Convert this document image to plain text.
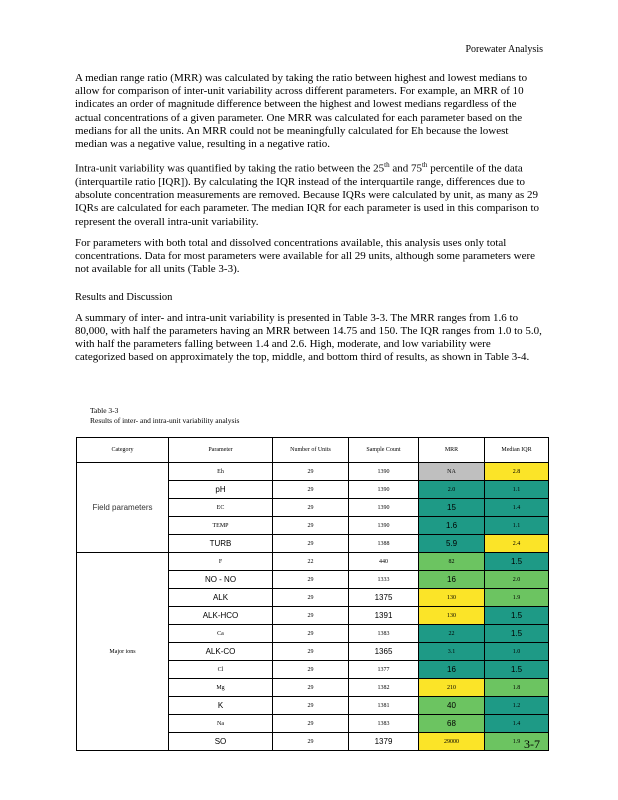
Porewater Analysis

A median range ratio (MRR) was calculated by taking the ratio between highest and lowest medians to allow for comparison of inter-unit variability across different parameters. For example, an MRR of 10 indicates an order of magnitude difference between the highest and lowest medians regardless of the actual concentrations of a given parameter. One MRR was calculated for each parameter based on the medians for all the units. An MRR could not be meaningfully calculated for Eh because the lowest median was a negative value, resulting in a negative ratio.

Intra-unit variability was quantified by taking the ratio between the 25th and 75th percentile of the data (interquartile ratio [IQR]). By calculating the IQR instead of the interquartile range, differences due to absolute concentration measurements are removed. Because IQRs were calculated by unit, as many as 29 IQRs are calculated for each parameter. The median IQR for each parameter is used in this comparison to represent the overall intra-unit variability.

For parameters with both total and dissolved concentrations available, this analysis uses only total concentrations. Data for most parameters were available for all 29 units, although some parameters were not available for all units (Table 3-3).

Results and Discussion

A summary of inter- and intra-unit variability is presented in Table 3-3. The MRR ranges from 1.6 to 80,000, with half the parameters having an MRR between 14.75 and 150. The IQR ranges from 1.0 to 5.0, with half the parameters falling between 1.4 and 2.6. High, moderate, and low variability were categorized based on approximately the top, middle, and bottom third of results, as shown in Table 3-4.

Table 3-3
Results of inter- and intra-unit variability analysis
Category	Parameter	Number of Units	Sample Count	MRR	Median IQR
Field parameters	Eh	29	1390	NA	2.8
	pH	29	1390	2.0	1.1
	EC	29	1390	15	1.4
	TEMP	29	1390	1.6	1.1
	TURB	29	1388	5.9	2.4
Major ions	F	22	440	82	1.5
	NO - NO	29	1333	16	2.0
	ALK	29	1375	130	1.9
	ALK-HCO	29	1391	130	1.5
	Ca	29	1383	22	1.5
	ALK-CO	29	1365	3.1	1.0
	Cl	29	1377	16	1.5
	Mg	29	1382	210	1.8
	K	29	1381	40	1.2
	Na	29	1383	68	1.4
	SO	29	1379	29000	1.9 3-7
